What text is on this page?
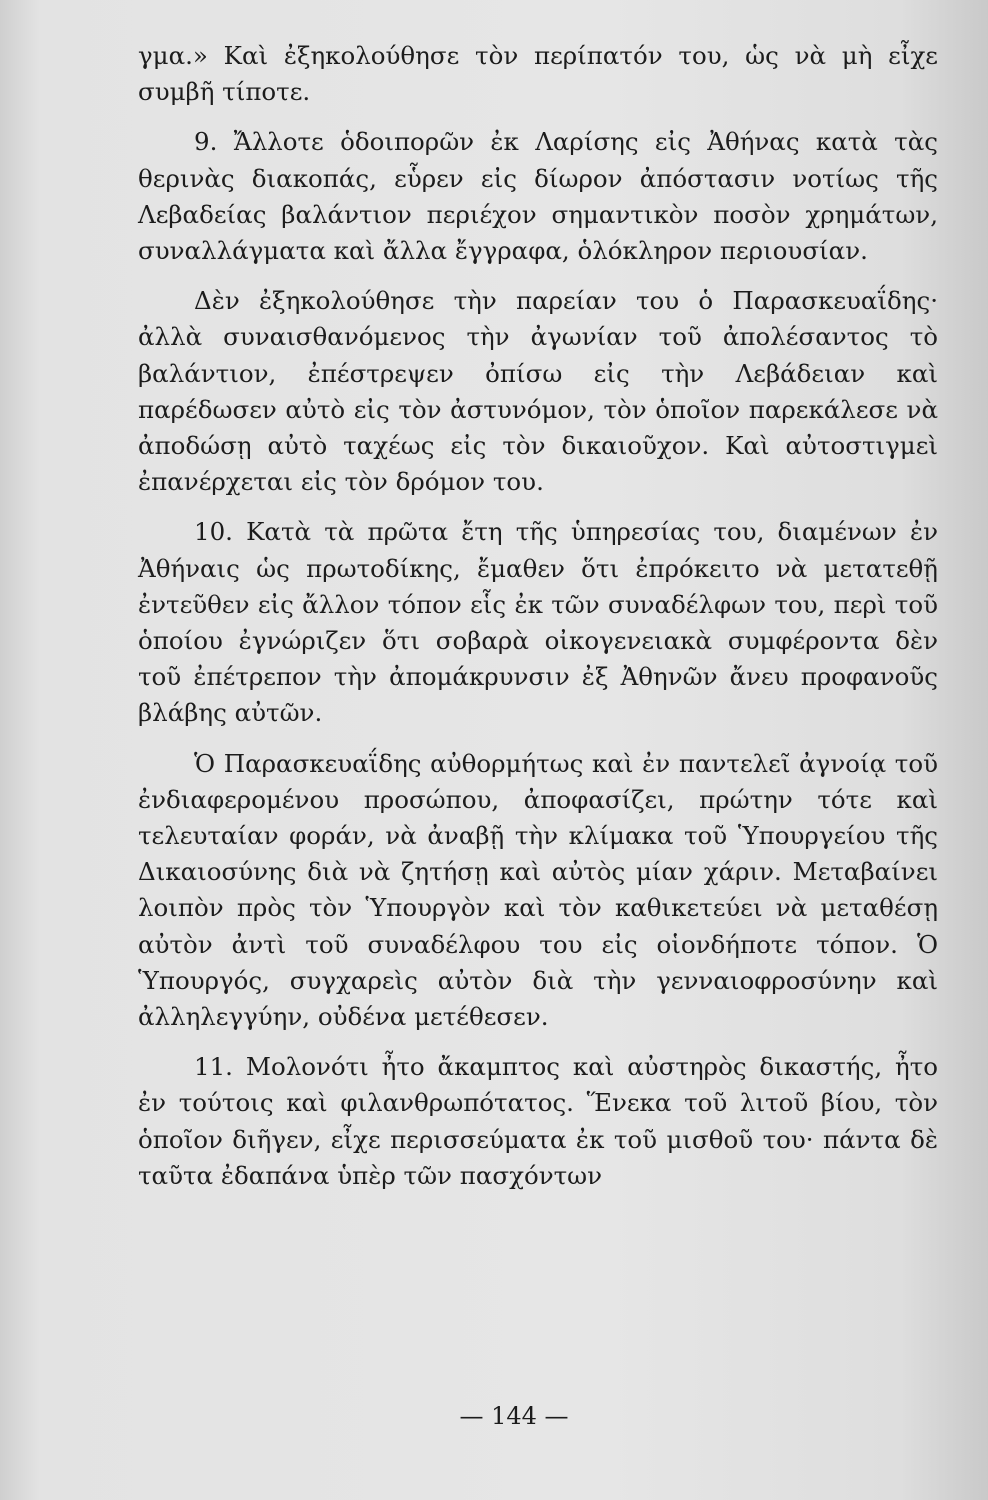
γμα.» Καὶ ἐξηκολούθησε τὸν περίπατόν του, ὡς νὰ μὴ εἶχε συμβῆ τίποτε.

9. Ἄλλοτε ὁδοιπορῶν ἐκ Λαρίσης εἰς Ἀθήνας κατὰ τὰς θερινὰς διακοπάς, εὗρεν εἰς δίωρον ἀπόστασιν νοτίως τῆς Λεβαδείας βαλάντιον περιέχον σημαντικὸν ποσὸν χρημάτων, συναλλάγματα καὶ ἄλλα ἔγγραφα, ὁλόκληρον περιουσίαν.

Δὲν ἐξηκολούθησε τὴν παρείαν του ὁ Παρασκευαΐδης· ἀλλὰ συναισθανόμενος τὴν ἀγωνίαν τοῦ ἀπολέσαντος τὸ βαλάντιον, ἐπέστρεψεν ὀπίσω εἰς τὴν Λεβάδειαν καὶ παρέδωσεν αὐτὸ εἰς τὸν ἀστυνόμον, τὸν ὁποῖον παρεκάλεσε νὰ ἀποδώσῃ αὐτὸ ταχέως εἰς τὸν δικαιοῦχον. Καὶ αὐτοστιγμεὶ ἐπανέρχεται εἰς τὸν δρόμον του.

10. Κατὰ τὰ πρῶτα ἔτη τῆς ὑπηρεσίας του, διαμένων ἐν Ἀθήναις ὡς πρωτοδίκης, ἔμαθεν ὅτι ἐπρόκειτο νὰ μετατεθῇ ἐντεῦθεν εἰς ἄλλον τόπον εἷς ἐκ τῶν συναδέλφων του, περὶ τοῦ ὁποίου ἐγνώριζεν ὅτι σοβαρὰ οἰκογενειακὰ συμφέροντα δὲν τοῦ ἐπέτρεπον τὴν ἀπομάκρυνσιν ἐξ Ἀθηνῶν ἄνευ προφανοῦς βλάβης αὐτῶν.

Ὁ Παρασκευαΐδης αὐθορμήτως καὶ ἐν παντελεῖ ἀγνοίᾳ τοῦ ἐνδιαφερομένου προσώπου, ἀποφασίζει, πρώτην τότε καὶ τελευταίαν φοράν, νὰ ἀναβῇ τὴν κλίμακα τοῦ Ὑπουργείου τῆς Δικαιοσύνης διὰ νὰ ζητήσῃ καὶ αὐτὸς μίαν χάριν. Μεταβαίνει λοιπὸν πρὸς τὸν Ὑπουργὸν καὶ τὸν καθικετεύει νὰ μεταθέσῃ αὐτὸν ἀντὶ τοῦ συναδέλφου του εἰς οἱονδήποτε τόπον. Ὁ Ὑπουργός, συγχαρεὶς αὐτὸν διὰ τὴν γενναιοφροσύνην καὶ ἀλληλεγγύην, οὐδένα μετέθεσεν.

11. Μολονότι ἦτο ἄκαμπτος καὶ αὐστηρὸς δικαστής, ἦτο ἐν τούτοις καὶ φιλανθρωπότατος. Ἕνεκα τοῦ λιτοῦ βίου, τὸν ὁποῖον διῆγεν, εἶχε περισσεύματα ἐκ τοῦ μισθοῦ του· πάντα δὲ ταῦτα ἐδαπάνα ὑπὲρ τῶν πασχόντων

— 144 —
